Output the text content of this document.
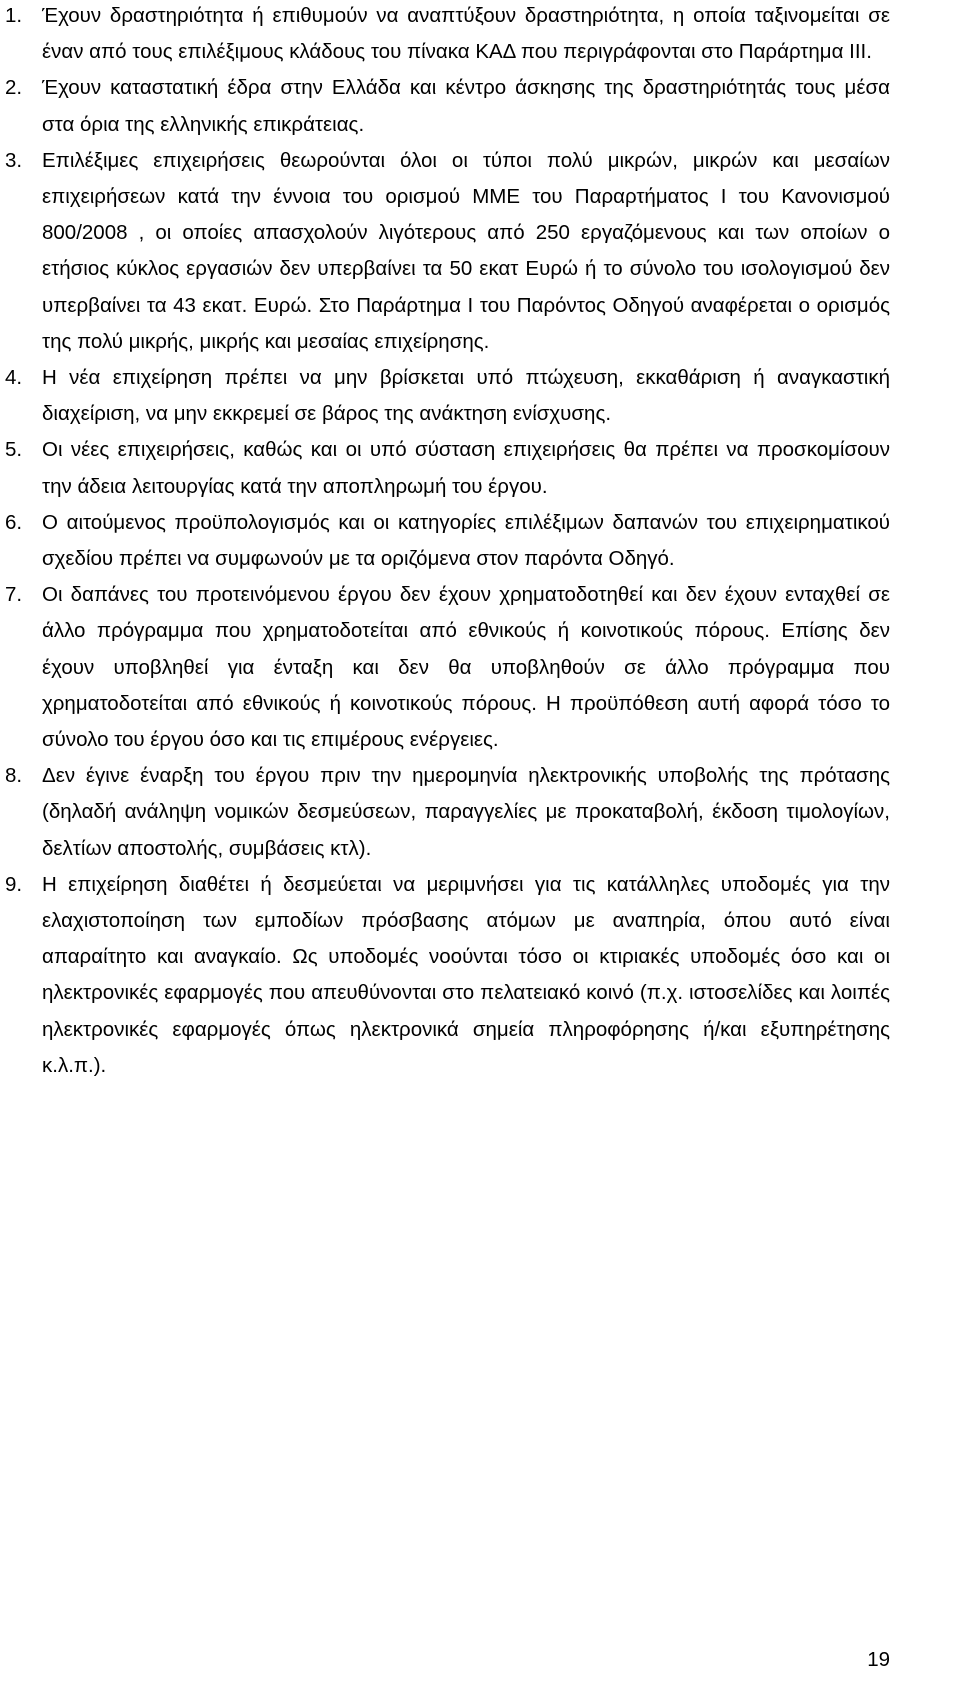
1. Έχουν δραστηριότητα ή επιθυμούν να αναπτύξουν δραστηριότητα, η οποία ταξινομείται σε έναν από τους επιλέξιμους κλάδους του πίνακα ΚΑΔ που περιγράφονται στο Παράρτημα ΙΙΙ.
2. Έχουν καταστατική έδρα στην Ελλάδα και κέντρο άσκησης της δραστηριότητάς τους μέσα στα όρια της ελληνικής επικράτειας.
3. Επιλέξιμες επιχειρήσεις θεωρούνται όλοι οι τύποι πολύ μικρών, μικρών και μεσαίων επιχειρήσεων κατά την έννοια του ορισμού ΜΜΕ του Παραρτήματος Ι του Κανονισμού 800/2008 , οι οποίες απασχολούν λιγότερους από 250 εργαζόμενους και των οποίων ο ετήσιος κύκλος εργασιών δεν υπερβαίνει τα 50 εκατ Ευρώ ή το σύνολο του ισολογισμού δεν υπερβαίνει τα 43 εκατ. Ευρώ. Στο Παράρτημα Ι του Παρόντος Οδηγού αναφέρεται ο ορισμός της πολύ μικρής, μικρής και μεσαίας επιχείρησης.
4. Η νέα επιχείρηση πρέπει να μην βρίσκεται υπό πτώχευση, εκκαθάριση ή αναγκαστική διαχείριση, να μην εκκρεμεί σε βάρος της ανάκτηση ενίσχυσης.
5. Οι νέες επιχειρήσεις, καθώς και οι υπό σύσταση επιχειρήσεις θα πρέπει να προσκομίσουν την άδεια λειτουργίας κατά την αποπληρωμή του έργου.
6. Ο αιτούμενος προϋπολογισμός και οι κατηγορίες επιλέξιμων δαπανών του επιχειρηματικού σχεδίου πρέπει να συμφωνούν με τα οριζόμενα στον παρόντα Οδηγό.
7. Οι δαπάνες του προτεινόμενου έργου δεν έχουν χρηματοδοτηθεί και δεν έχουν ενταχθεί σε άλλο πρόγραμμα που χρηματοδοτείται από εθνικούς ή κοινοτικούς πόρους. Επίσης δεν έχουν υποβληθεί για ένταξη και δεν θα υποβληθούν σε άλλο πρόγραμμα που χρηματοδοτείται από εθνικούς ή κοινοτικούς πόρους. Η προϋπόθεση αυτή αφορά τόσο το σύνολο του έργου όσο και τις επιμέρους ενέργειες.
8. Δεν έγινε έναρξη του έργου πριν την ημερομηνία ηλεκτρονικής υποβολής της πρότασης (δηλαδή ανάληψη νομικών δεσμεύσεων, παραγγελίες με προκαταβολή, έκδοση τιμολογίων, δελτίων αποστολής, συμβάσεις κτλ).
9. Η επιχείρηση διαθέτει ή δεσμεύεται να μεριμνήσει για τις κατάλληλες υποδομές για την ελαχιστοποίηση των εμποδίων πρόσβασης ατόμων με αναπηρία, όπου αυτό είναι απαραίτητο και αναγκαίο. Ως υποδομές νοούνται τόσο οι κτιριακές υποδομές όσο και οι ηλεκτρονικές εφαρμογές που απευθύνονται στο πελατειακό κοινό (π.χ. ιστοσελίδες και λοιπές ηλεκτρονικές εφαρμογές όπως ηλεκτρονικά σημεία πληροφόρησης ή/και εξυπηρέτησης κ.λ.π.).
19
